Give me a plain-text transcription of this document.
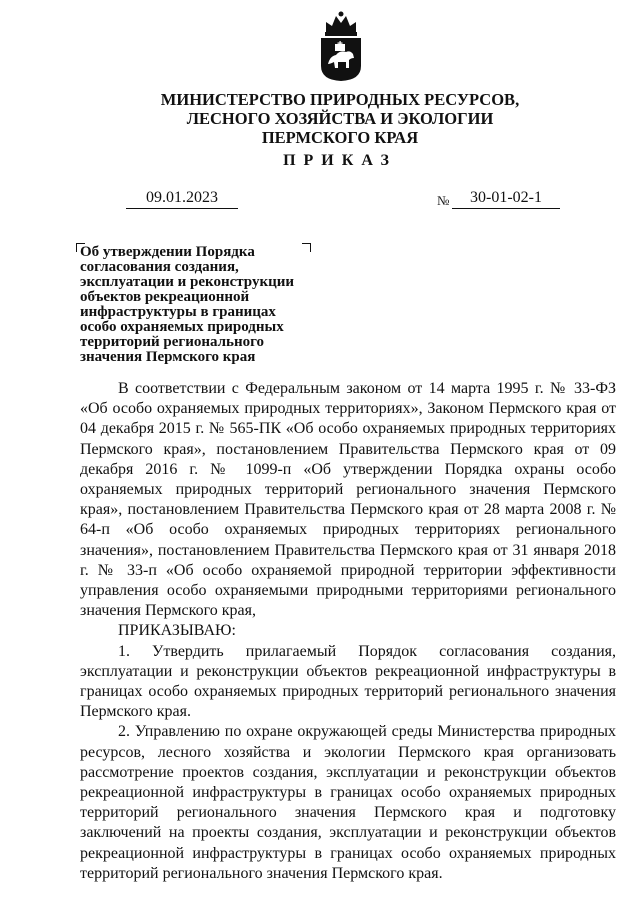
МИНИСТЕРСТВО ПРИРОДНЫХ РЕСУРСОВ,
ЛЕСНОГО ХОЗЯЙСТВА И ЭКОЛОГИИ
ПЕРМСКОГО КРАЯ
ПРИКАЗ
09.01.2023	№	30-01-02-1
Об утверждении Порядка
согласования создания,
эксплуатации и реконструкции
объектов рекреационной
инфраструктуры в границах
особо охраняемых природных
территорий регионального
значения Пермского края

В соответствии с Федеральным законом от 14 марта 1995 г. № 33-ФЗ «Об особо охраняемых природных территориях», Законом Пермского края от 04 декабря 2015 г. № 565-ПК «Об особо охраняемых природных территориях Пермского края», постановлением Правительства Пермского края от 09 декабря 2016 г. № 1099-п «Об утверждении Порядка охраны особо охраняемых природных территорий регионального значения Пермского края», постановлением Правительства Пермского края от 28 марта 2008 г. № 64-п «Об особо охраняемых природных территориях регионального значения», постановлением Правительства Пермского края от 31 января 2018 г. № 33-п «Об особо охраняемой природной территории эффективности управления особо охраняемыми природными территориями регионального значения Пермского края,

ПРИКАЗЫВАЮ:

1. Утвердить прилагаемый Порядок согласования создания, эксплуатации и реконструкции объектов рекреационной инфраструктуры в границах особо охраняемых природных территорий регионального значения Пермского края.

2. Управлению по охране окружающей среды Министерства природных ресурсов, лесного хозяйства и экологии Пермского края организовать рассмотрение проектов создания, эксплуатации и реконструкции объектов рекреационной инфраструктуры в границах особо охраняемых природных территорий регионального значения Пермского края и подготовку заключений на проекты создания, эксплуатации и реконструкции объектов рекреационной инфраструктуры в границах особо охраняемых природных территорий регионального значения Пермского края.
